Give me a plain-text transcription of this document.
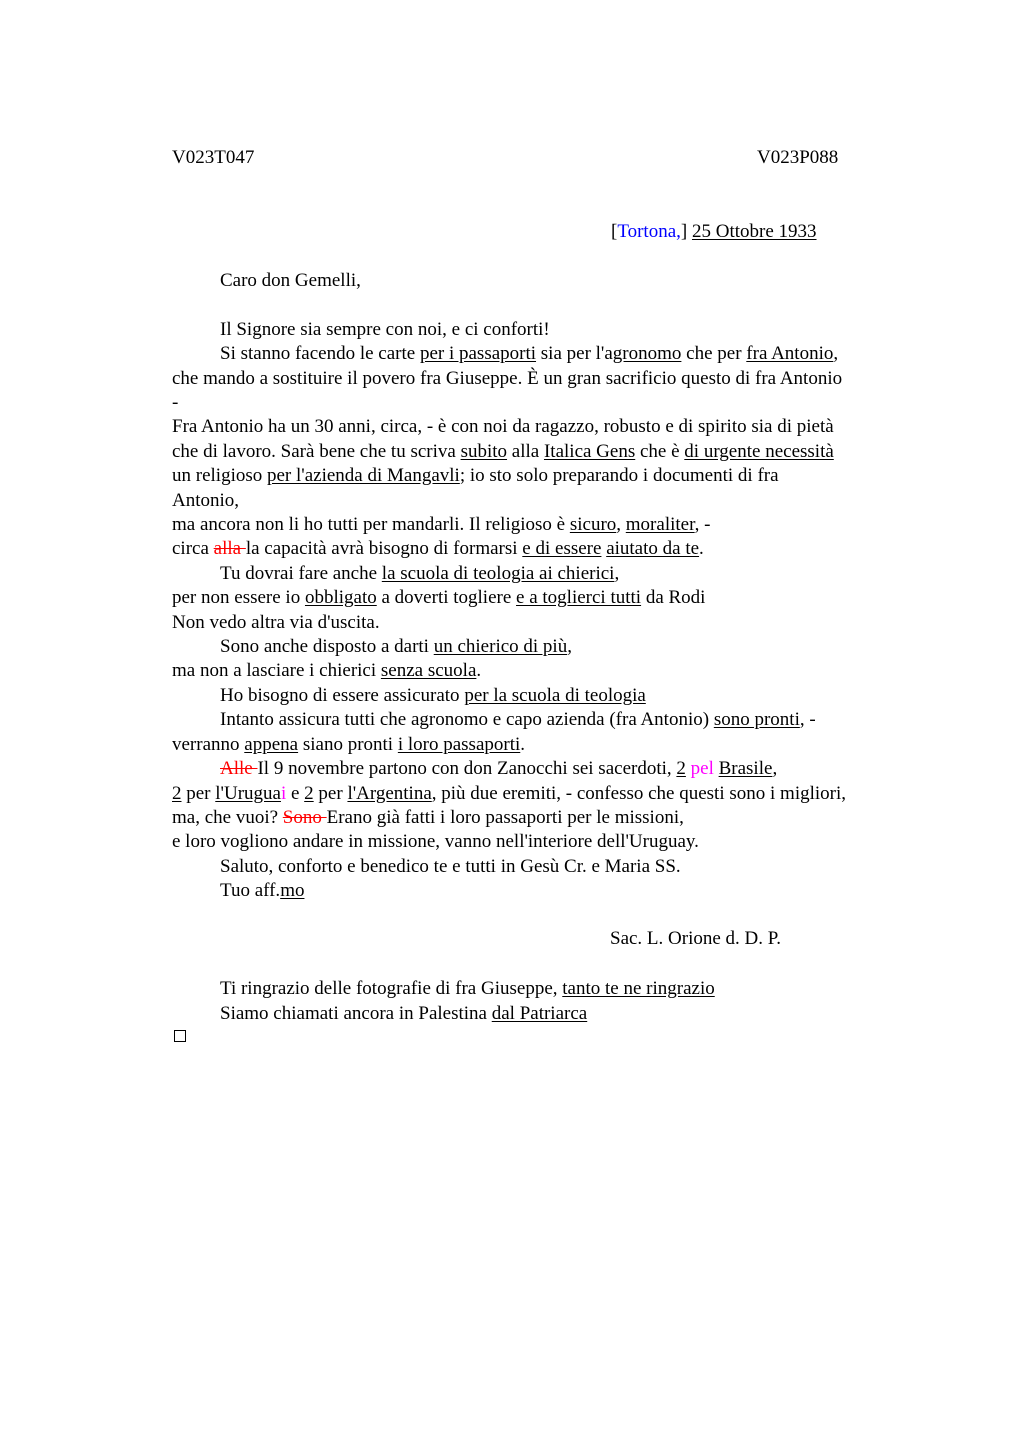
V023T047	V023P088
[Tortona,] 25 Ottobre 1933
Caro don Gemelli,
Il Signore sia sempre con noi, e ci conforti!
Si stanno facendo le carte per i passaporti sia per l'agronomo che per fra Antonio,
che mando a sostituire il povero fra Giuseppe. È un gran sacrificio questo di fra Antonio
-
Fra Antonio ha un 30 anni, circa, - è con noi da ragazzo, robusto e di spirito sia di pietà
che di lavoro. Sarà bene che tu scriva subito alla Italica Gens che è di urgente necessità
un religioso per l'azienda di Mangavli; io sto solo preparando i documenti di fra
Antonio,
ma ancora non li ho tutti per mandarli. Il religioso è sicuro, moraliter, -
circa alla la capacità avrà bisogno di formarsi e di essere aiutato da te.
Tu dovrai fare anche la scuola di teologia ai chierici,
per non essere io obbligato a doverti togliere e a toglierci tutti da Rodi
Non vedo altra via d'uscita.
Sono anche disposto a darti un chierico di più,
ma non a lasciare i chierici senza scuola.
Ho bisogno di essere assicurato per la scuola di teologia
Intanto assicura tutti che agronomo e capo azienda (fra Antonio) sono pronti, -
verranno appena siano pronti i loro passaporti.
Alle Il 9 novembre partono con don Zanocchi sei sacerdoti, 2 pel Brasile,
2 per l'Uruguai e 2 per l'Argentina, più due eremiti, - confesso che questi sono i migliori,
ma, che vuoi? Sono Erano già fatti i loro passaporti per le missioni,
e loro vogliono andare in missione, vanno nell'interiore dell'Uruguay.
Saluto, conforto e benedico te e tutti in Gesù Cr. e Maria SS.
Tuo aff.mo
Sac. L. Orione d. D. P.
Ti ringrazio delle fotografie di fra Giuseppe, tanto te ne ringrazio
Siamo chiamati ancora in Palestina dal Patriarca
